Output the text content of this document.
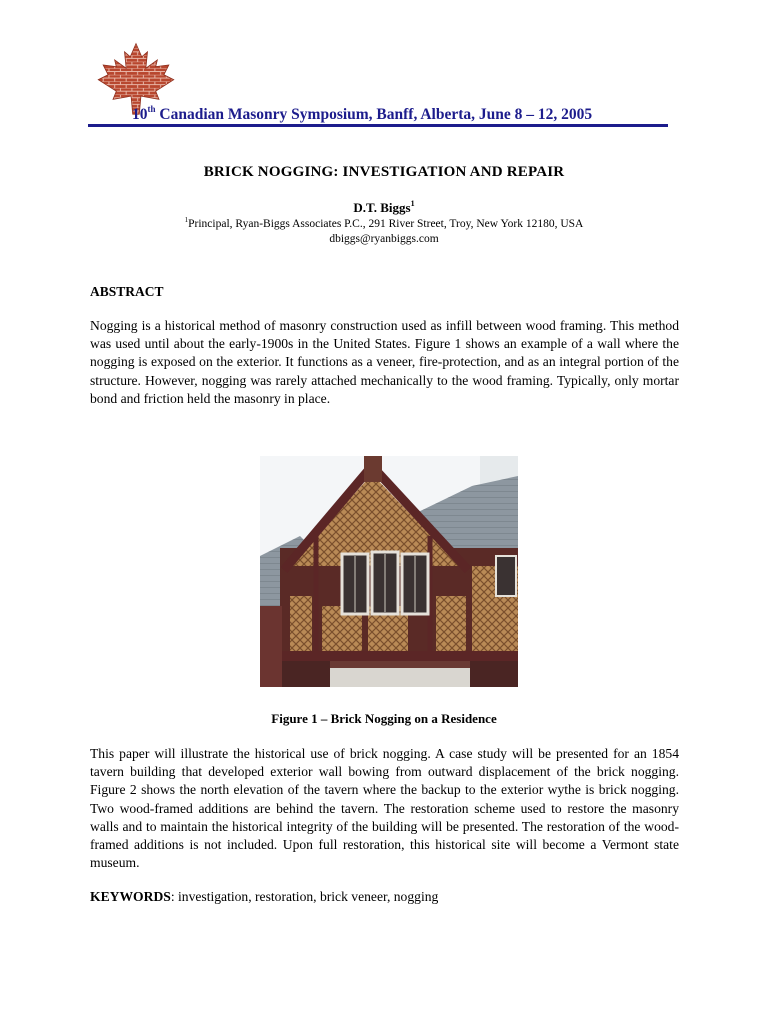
10th Canadian Masonry Symposium, Banff, Alberta, June 8 – 12, 2005
BRICK NOGGING: INVESTIGATION AND REPAIR
D.T. Biggs$^1$
$^1$Principal, Ryan-Biggs Associates P.C., 291 River Street, Troy, New York 12180, USA
dbiggs@ryanbiggs.com
ABSTRACT
Nogging is a historical method of masonry construction used as infill between wood framing. This method was used until about the early-1900s in the United States. Figure 1 shows an example of a wall where the nogging is exposed on the exterior. It functions as a veneer, fire-protection, and as an integral portion of the structure. However, nogging was rarely attached mechanically to the wood framing. Typically, only mortar bond and friction held the masonry in place.
Figure 1 – Brick Nogging on a Residence
This paper will illustrate the historical use of brick nogging. A case study will be presented for an 1854 tavern building that developed exterior wall bowing from outward displacement of the brick nogging. Figure 2 shows the north elevation of the tavern where the backup to the exterior wythe is brick nogging. Two wood-framed additions are behind the tavern. The restoration scheme used to restore the masonry walls and to maintain the historical integrity of the building will be presented. The restoration of the wood-framed additions is not included. Upon full restoration, this historical site will become a Vermont state museum.
KEYWORDS: investigation, restoration, brick veneer, nogging
